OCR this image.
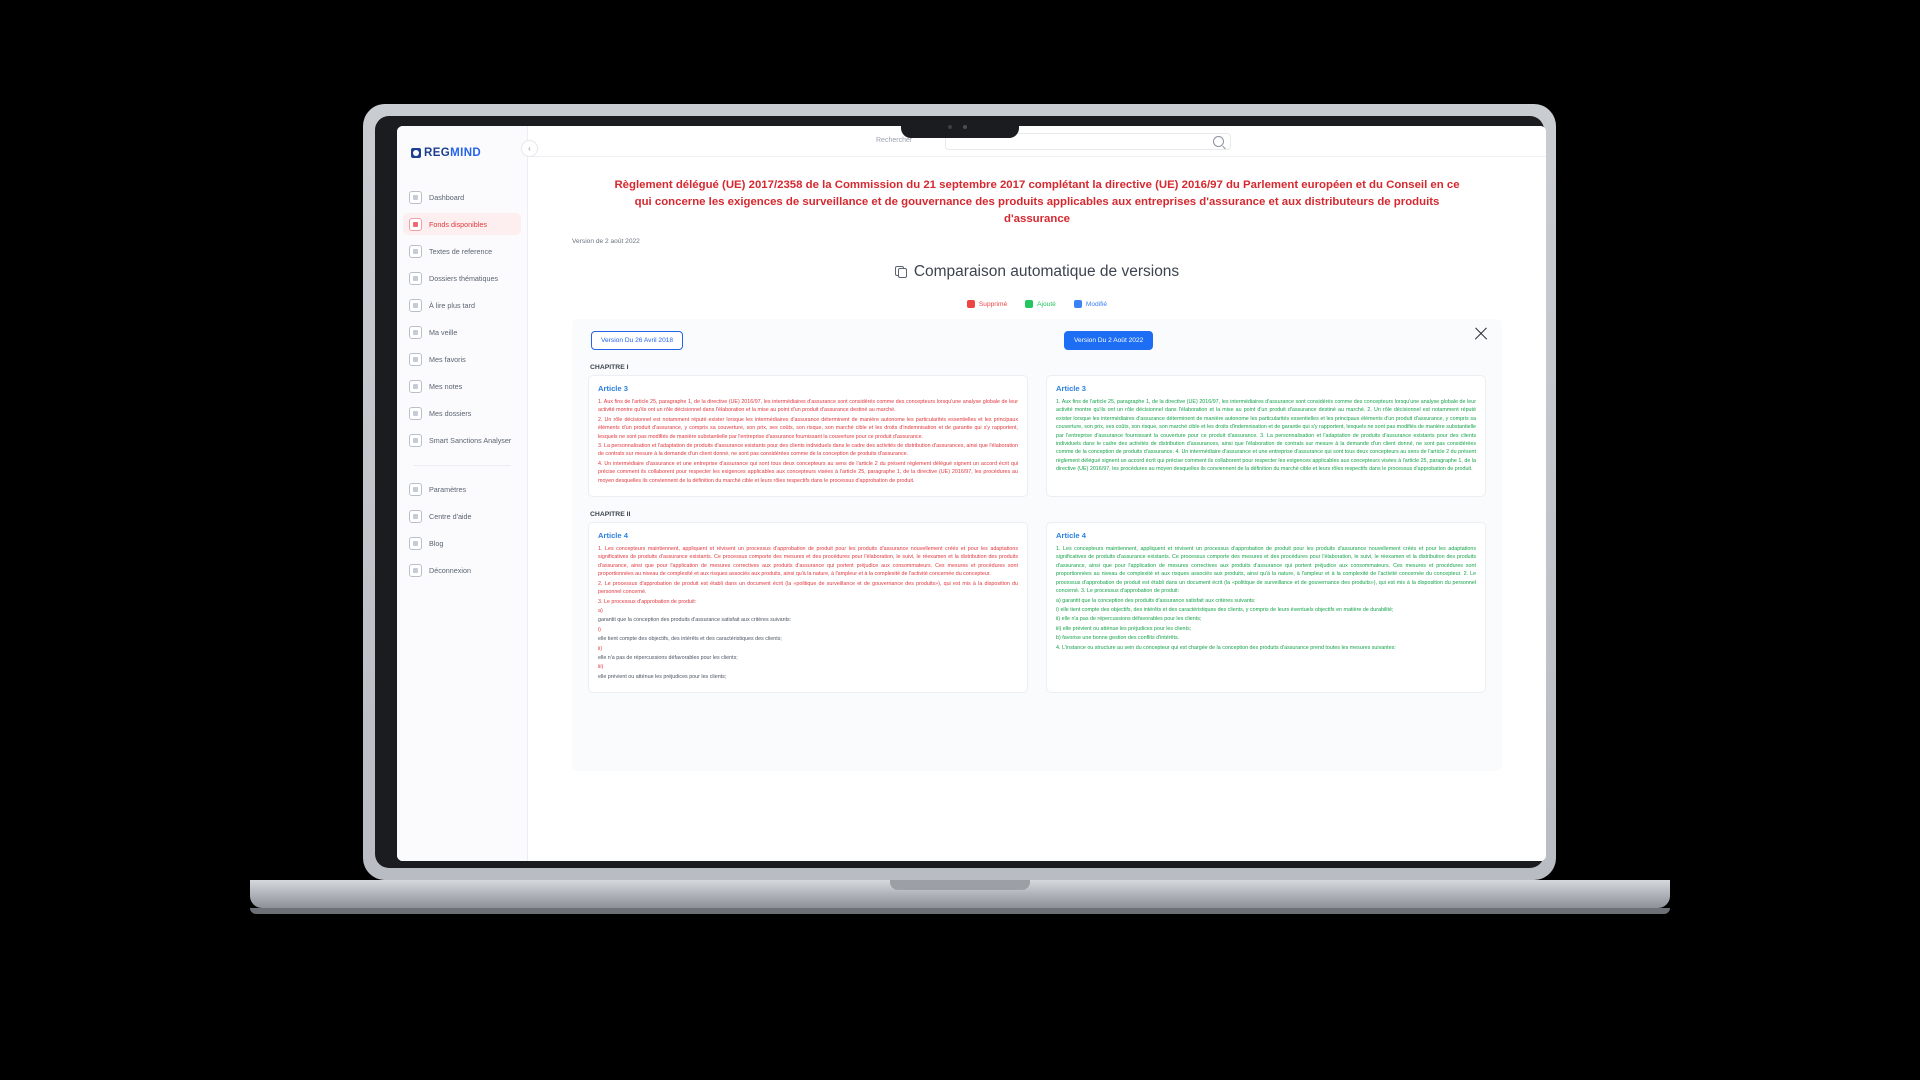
REGMIND
Dashboard
Fonds disponibles
Textes de reference
Dossiers thématiques
À lire plus tard
Ma veille
Mes favoris
Mes notes
Mes dossiers
Smart Sanctions Analyser
Paramètres
Centre d'aide
Blog
Déconnexion
‹
Rechercher
Règlement délégué (UE) 2017/2358 de la Commission du 21 septembre 2017 complétant la directive (UE) 2016/97 du Parlement européen et du Conseil en ce qui concerne les exigences de surveillance et de gouvernance des produits applicables aux entreprises d'assurance et aux distributeurs de produits d'assurance
Version de 2 août 2022
Comparaison automatique de versions
Supprimé	Ajouté	Modifié
Version Du 26 Avril 2018	Version Du 2 Août 2022
CHAPITRE I
Article 3

1. Aux fins de l'article 25, paragraphe 1, de la directive (UE) 2016/97, les intermédiaires d'assurance sont considérés comme des concepteurs lorsqu'une analyse globale de leur activité montre qu'ils ont un rôle décisionnel dans l'élaboration et la mise au point d'un produit d'assurance destiné au marché.

2. Un rôle décisionnel est notamment réputé exister lorsque les intermédiaires d'assurance déterminent de manière autonome les particularités essentielles et les principaux éléments d'un produit d'assurance, y compris sa couverture, son prix, ses coûts, son risque, son marché cible et les droits d'indemnisation et de garantie qui s'y rapportent, lesquels ne sont pas modifiés de manière substantielle par l'entreprise d'assurance fournissant la couverture pour ce produit d'assurance.

3. La personnalisation et l'adaptation de produits d'assurance existants pour des clients individuels dans le cadre des activités de distribution d'assurances, ainsi que l'élaboration de contrats sur mesure à la demande d'un client donné, ne sont pas considérées comme de la conception de produits d'assurance.

4. Un intermédiaire d'assurance et une entreprise d'assurance qui sont tous deux concepteurs au sens de l'article 2 du présent règlement délégué signent un accord écrit qui précise comment ils collaborent pour respecter les exigences applicables aux concepteurs visées à l'article 25, paragraphe 1, de la directive (UE) 2016/97, les procédures au moyen desquelles ils conviennent de la définition du marché cible et leurs rôles respectifs dans le processus d'approbation de produit.

Article 3

1. Aux fins de l'article 25, paragraphe 1, de la directive (UE) 2016/97, les intermédiaires d'assurance sont considérés comme des concepteurs lorsqu'une analyse globale de leur activité montre qu'ils ont un rôle décisionnel dans l'élaboration et la mise au point d'un produit d'assurance destiné au marché. 2. Un rôle décisionnel est notamment réputé exister lorsque les intermédiaires d'assurance déterminent de manière autonome les particularités essentielles et les principaux éléments d'un produit d'assurance, y compris sa couverture, son prix, ses coûts, son risque, son marché cible et les droits d'indemnisation et de garantie qui s'y rapportent, lesquels ne sont pas modifiés de manière substantielle par l'entreprise d'assurance fournissant la couverture pour ce produit d'assurance. 3. La personnalisation et l'adaptation de produits d'assurance existants pour des clients individuels dans le cadre des activités de distribution d'assurances, ainsi que l'élaboration de contrats sur mesure à la demande d'un client donné, ne sont pas considérées comme de la conception de produits d'assurance. 4. Un intermédiaire d'assurance et une entreprise d'assurance qui sont tous deux concepteurs au sens de l'article 2 du présent règlement délégué signent un accord écrit qui précise comment ils collaborent pour respecter les exigences applicables aux concepteurs visées à l'article 25, paragraphe 1, de la directive (UE) 2016/97, les procédures au moyen desquelles ils conviennent de la définition du marché cible et leurs rôles respectifs dans le processus d'approbation de produit.

CHAPITRE II
Article 4

1. Les concepteurs maintiennent, appliquent et révisent un processus d'approbation de produit pour les produits d'assurance nouvellement créés et pour les adaptations significatives de produits d'assurance existants. Ce processus comporte des mesures et des procédures pour l'élaboration, le suivi, le réexamen et la distribution des produits d'assurance, ainsi que pour l'application de mesures correctives aux produits d'assurance qui portent préjudice aux consommateurs. Ces mesures et procédures sont proportionnées au niveau de complexité et aux risques associés aux produits, ainsi qu'à la nature, à l'ampleur et à la complexité de l'activité concernée du concepteur.

2. Le processus d'approbation de produit est établi dans un document écrit (la «politique de surveillance et de gouvernance des produits»), qui est mis à la disposition du personnel concerné.

3. Le processus d'approbation de produit:

a)

garantit que la conception des produits d'assurance satisfait aux critères suivants:

i)

elle tient compte des objectifs, des intérêts et des caractéristiques des clients;

ii)

elle n'a pas de répercussions défavorables pour les clients;

iii)

elle prévient ou atténue les préjudices pour les clients;

Article 4

1. Les concepteurs maintiennent, appliquent et révisent un processus d'approbation de produit pour les produits d'assurance nouvellement créés et pour les adaptations significatives de produits d'assurance existants. Ce processus comporte des mesures et des procédures pour l'élaboration, le suivi, le réexamen et la distribution des produits d'assurance, ainsi que pour l'application de mesures correctives aux produits d'assurance qui portent préjudice aux consommateurs. Ces mesures et procédures sont proportionnées au niveau de complexité et aux risques associés aux produits, ainsi qu'à la nature, à l'ampleur et à la complexité de l'activité concernée du concepteur. 2. Le processus d'approbation de produit est établi dans un document écrit (la «politique de surveillance et de gouvernance des produits»), qui est mis à la disposition du personnel concerné. 3. Le processus d'approbation de produit:

a) garantit que la conception des produits d'assurance satisfait aux critères suivants:

i) elle tient compte des objectifs, des intérêts et des caractéristiques des clients, y compris de leurs éventuels objectifs en matière de durabilité;

ii) elle n'a pas de répercussions défavorables pour les clients;

iii) elle prévient ou atténue les préjudices pour les clients;

b) favorise une bonne gestion des conflits d'intérêts.

4. L'instance ou structure au sein du concepteur qui est chargée de la conception des produits d'assurance prend toutes les mesures suivantes:
